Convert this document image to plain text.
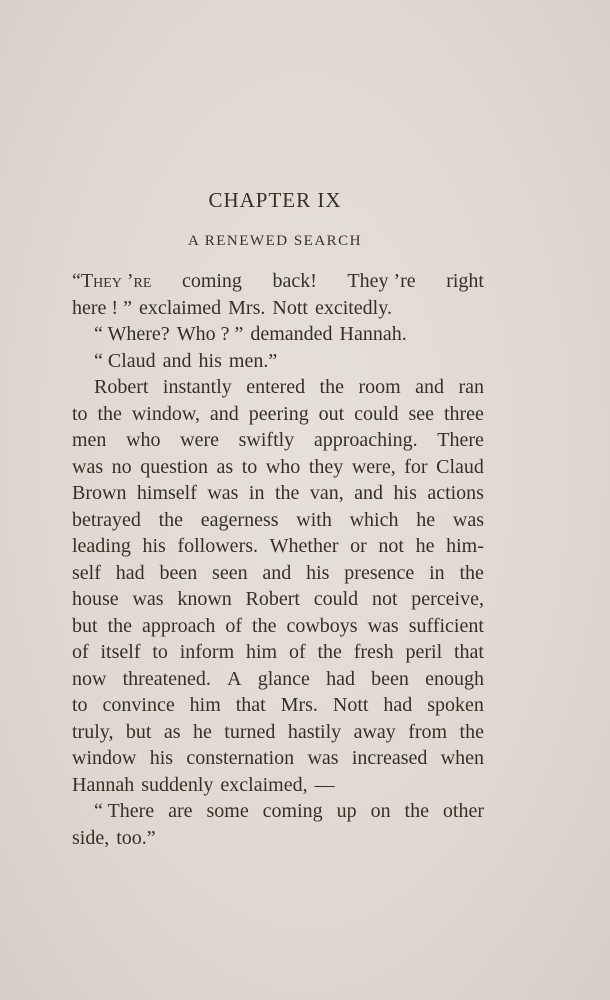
CHAPTER IX
A RENEWED SEARCH
“They ’re coming back! They ’re right
here ! ” exclaimed Mrs. Nott excitedly.
“ Where? Who ? ” demanded Hannah.
“ Claud and his men.”
Robert instantly entered the room and ran
to the window, and peering out could see three
men who were swiftly approaching. There
was no question as to who they were, for Claud
Brown himself was in the van, and his actions
betrayed the eagerness with which he was
leading his followers. Whether or not he him-
self had been seen and his presence in the
house was known Robert could not perceive,
but the approach of the cowboys was sufficient
of itself to inform him of the fresh peril that
now threatened. A glance had been enough
to convince him that Mrs. Nott had spoken
truly, but as he turned hastily away from the
window his consternation was increased when
Hannah suddenly exclaimed, —
“ There are some coming up on the other
side, too.”
